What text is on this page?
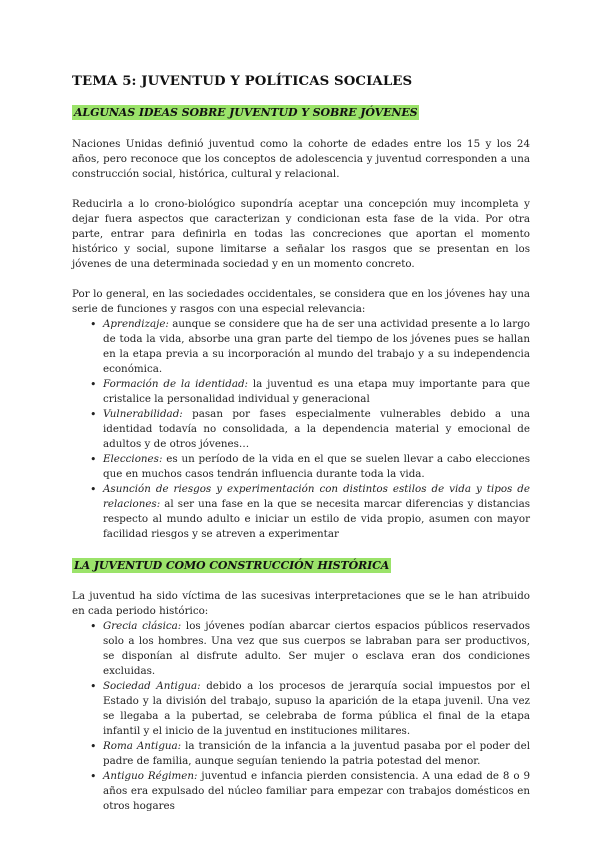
TEMA 5: JUVENTUD Y POLÍTICAS SOCIALES
ALGUNAS IDEAS SOBRE JUVENTUD Y SOBRE JÓVENES

Naciones Unidas definió juventud como la cohorte de edades entre los 15 y los 24 años, pero reconoce que los conceptos de adolescencia y juventud corresponden a una construcción social, histórica, cultural y relacional.

Reducirla a lo crono-biológico supondría aceptar una concepción muy incompleta y dejar fuera aspectos que caracterizan y condicionan esta fase de la vida. Por otra parte, entrar para definirla en todas las concreciones que aportan el momento histórico y social, supone limitarse a señalar los rasgos que se presentan en los jóvenes de una determinada sociedad y en un momento concreto.

Por lo general, en las sociedades occidentales, se considera que en los jóvenes hay una serie de funciones y rasgos con una especial relevancia:

• Aprendizaje: aunque se considere que ha de ser una actividad presente a lo largo de toda la vida, absorbe una gran parte del tiempo de los jóvenes pues se hallan en la etapa previa a su incorporación al mundo del trabajo y a su independencia económica.
• Formación de la identidad: la juventud es una etapa muy importante para que cristalice la personalidad individual y generacional
• Vulnerabilidad: pasan por fases especialmente vulnerables debido a una identidad todavía no consolidada, a la dependencia material y emocional de adultos y de otros jóvenes…
• Elecciones: es un período de la vida en el que se suelen llevar a cabo elecciones que en muchos casos tendrán influencia durante toda la vida.
• Asunción de riesgos y experimentación con distintos estilos de vida y tipos de relaciones: al ser una fase en la que se necesita marcar diferencias y distancias respecto al mundo adulto e iniciar un estilo de vida propio, asumen con mayor facilidad riesgos y se atreven a experimentar
LA JUVENTUD COMO CONSTRUCCIÓN HISTÓRICA

La juventud ha sido víctima de las sucesivas interpretaciones que se le han atribuido en cada periodo histórico:

• Grecia clásica: los jóvenes podían abarcar ciertos espacios públicos reservados solo a los hombres. Una vez que sus cuerpos se labraban para ser productivos, se disponían al disfrute adulto. Ser mujer o esclava eran dos condiciones excluidas.
• Sociedad Antigua: debido a los procesos de jerarquía social impuestos por el Estado y la división del trabajo, supuso la aparición de la etapa juvenil. Una vez se llegaba a la pubertad, se celebraba de forma pública el final de la etapa infantil y el inicio de la juventud en instituciones militares.
• Roma Antigua: la transición de la infancia a la juventud pasaba por el poder del padre de familia, aunque seguían teniendo la patria potestad del menor.
• Antiguo Régimen: juventud e infancia pierden consistencia. A una edad de 8 o 9 años era expulsado del núcleo familiar para empezar con trabajos domésticos en otros hogares
